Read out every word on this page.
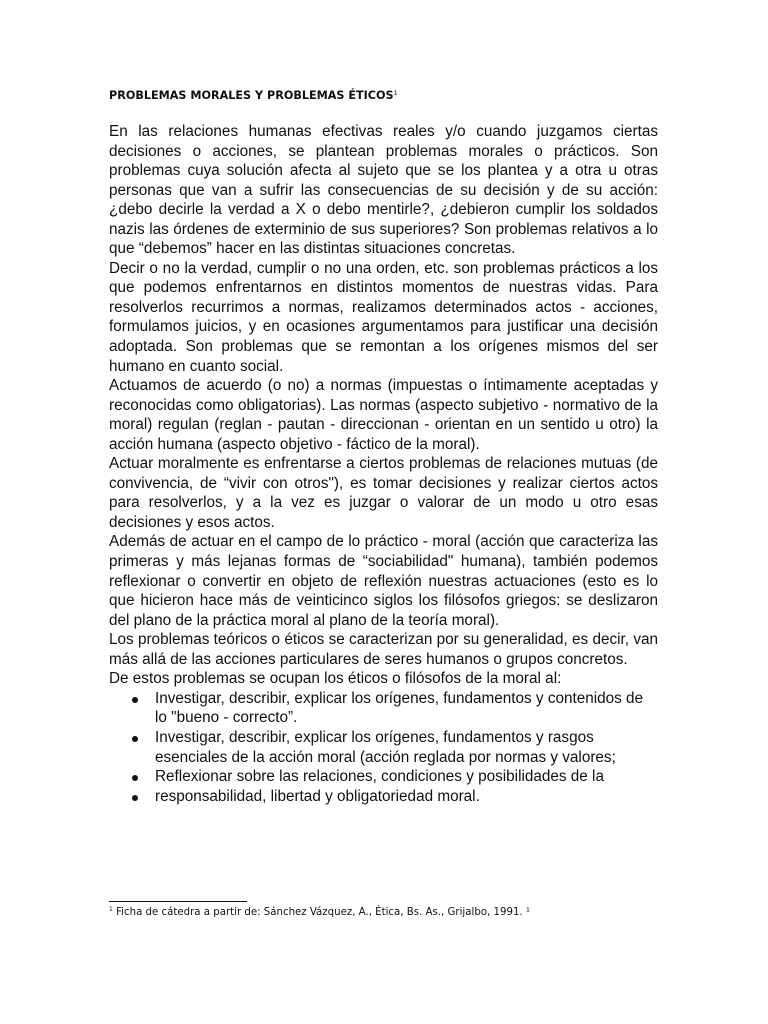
PROBLEMAS MORALES Y PROBLEMAS ÉTICOS$^1$

En las relaciones humanas efectivas reales y/o cuando juzgamos ciertas decisiones o acciones, se plantean problemas morales o prácticos. Son problemas cuya solución afecta al sujeto que se los plantea y a otra u otras personas que van a sufrir las consecuencias de su decisión y de su acción: ¿debo decirle la verdad a X o debo mentirle?, ¿debieron cumplir los soldados nazis las órdenes de exterminio de sus superiores? Son problemas relativos a lo que “debemos” hacer en las distintas situaciones concretas.

Decir o no la verdad, cumplir o no una orden, etc. son problemas prácticos a los que podemos enfrentarnos en distintos momentos de nuestras vidas. Para resolverlos recurrimos a normas, realizamos determinados actos - acciones, formulamos juicios, y en ocasiones argumentamos para justificar una decisión adoptada. Son problemas que se remontan a los orígenes mismos del ser humano en cuanto social.

Actuamos de acuerdo (o no) a normas (impuestas o íntimamente aceptadas y reconocidas como obligatorias). Las normas (aspecto subjetivo - normativo de la moral) regulan (reglan - pautan - direccionan - orientan en un sentido u otro) la acción humana (aspecto objetivo - fáctico de la moral).

Actuar moralmente es enfrentarse a ciertos problemas de relaciones mutuas (de convivencia, de “vivir con otros"), es tomar decisiones y realizar ciertos actos para resolverlos, y a la vez es juzgar o valorar de un modo u otro esas decisiones y esos actos.

Además de actuar en el campo de lo práctico - moral (acción que caracteriza las primeras y más lejanas formas de “sociabilidad" humana), también podemos reflexionar o convertir en objeto de reflexión nuestras actuaciones (esto es lo que hicieron hace más de veinticinco siglos los filósofos griegos: se deslizaron del plano de la práctica moral al plano de la teoría moral).

Los problemas teóricos o éticos se caracterizan por su generalidad, es decir, van más allá de las acciones particulares de seres humanos o grupos concretos.

De estos problemas se ocupan los éticos o filósofos de la moral al:

Investigar, describir, explicar los orígenes, fundamentos y contenidos de lo "bueno - correcto”.
Investigar, describir, explicar los orígenes, fundamentos y rasgos esenciales de la acción moral (acción reglada por normas y valores;
Reflexionar sobre las relaciones, condiciones y posibilidades de la
responsabilidad, libertad y obligatoriedad moral.

$^1$ Ficha de cátedra a partir de: Sánchez Vázquez, A., Ética, Bs. As., Grijalbo, 1991. ¹
